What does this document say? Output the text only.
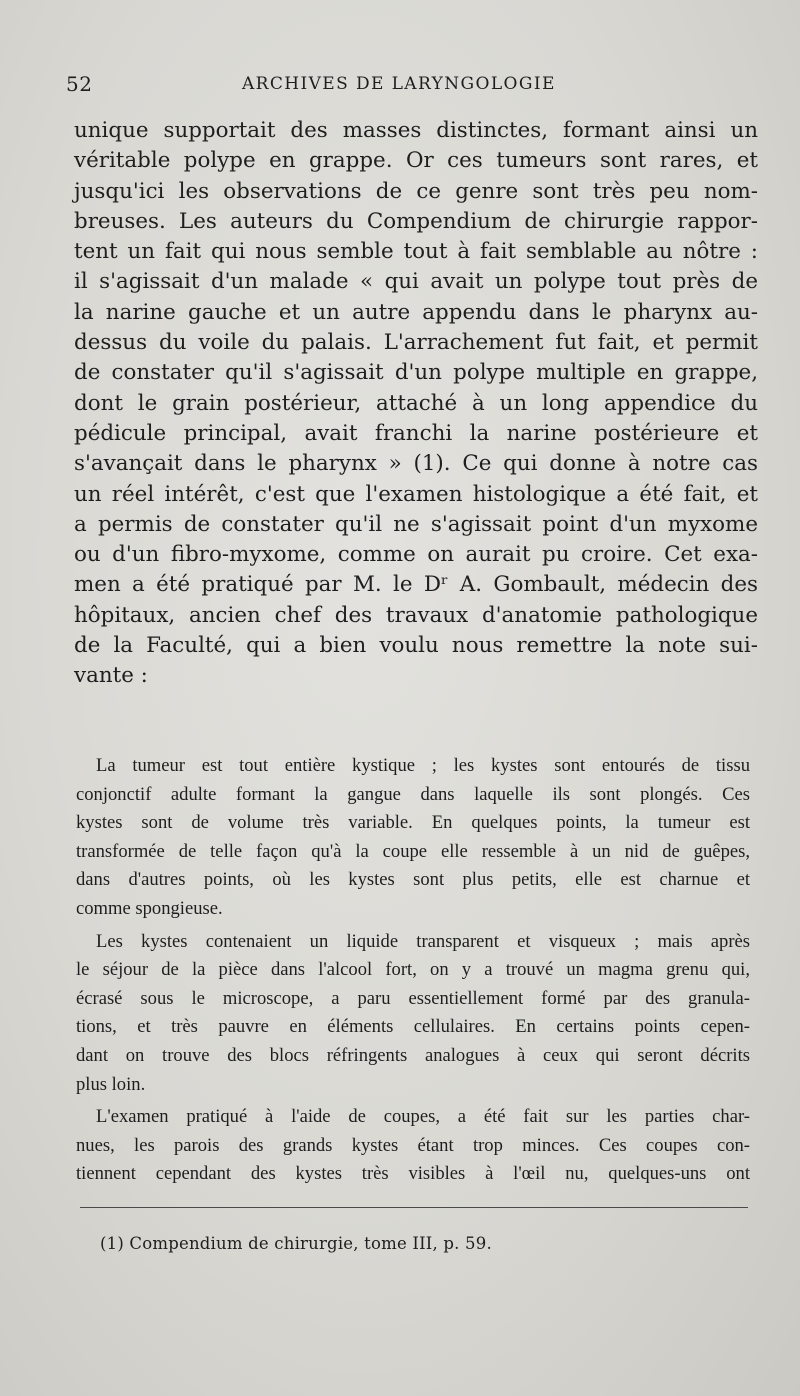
52	ARCHIVES DE LARYNGOLOGIE
unique supportait des masses distinctes, formant ainsi un
véritable polype en grappe. Or ces tumeurs sont rares, et
jusqu'ici les observations de ce genre sont très peu nom-
breuses. Les auteurs du Compendium de chirurgie rappor-
tent un fait qui nous semble tout à fait semblable au nôtre :
il s'agissait d'un malade « qui avait un polype tout près de
la narine gauche et un autre appendu dans le pharynx au-
dessus du voile du palais. L'arrachement fut fait, et permit
de constater qu'il s'agissait d'un polype multiple en grappe,
dont le grain postérieur, attaché à un long appendice du
pédicule principal, avait franchi la narine postérieure et
s'avançait dans le pharynx » (1). Ce qui donne à notre cas
un réel intérêt, c'est que l'examen histologique a été fait, et
a permis de constater qu'il ne s'agissait point d'un myxome
ou d'un fibro-myxome, comme on aurait pu croire. Cet exa-
men a été pratiqué par M. le Dʳ A. Gombault, médecin des
hôpitaux, ancien chef des travaux d'anatomie pathologique
de la Faculté, qui a bien voulu nous remettre la note sui-
vante :
La tumeur est tout entière kystique ; les kystes sont entourés de tissu
conjonctif adulte formant la gangue dans laquelle ils sont plongés. Ces
kystes sont de volume très variable. En quelques points, la tumeur est
transformée de telle façon qu'à la coupe elle ressemble à un nid de guêpes,
dans d'autres points, où les kystes sont plus petits, elle est charnue et
comme spongieuse.
Les kystes contenaient un liquide transparent et visqueux ; mais après
le séjour de la pièce dans l'alcool fort, on y a trouvé un magma grenu qui,
écrasé sous le microscope, a paru essentiellement formé par des granula-
tions, et très pauvre en éléments cellulaires. En certains points cepen-
dant on trouve des blocs réfringents analogues à ceux qui seront décrits
plus loin.
L'examen pratiqué à l'aide de coupes, a été fait sur les parties char-
nues, les parois des grands kystes étant trop minces. Ces coupes con-
tiennent cependant des kystes très visibles à l'œil nu, quelques-uns ont
(1) Compendium de chirurgie, tome III, p. 59.
